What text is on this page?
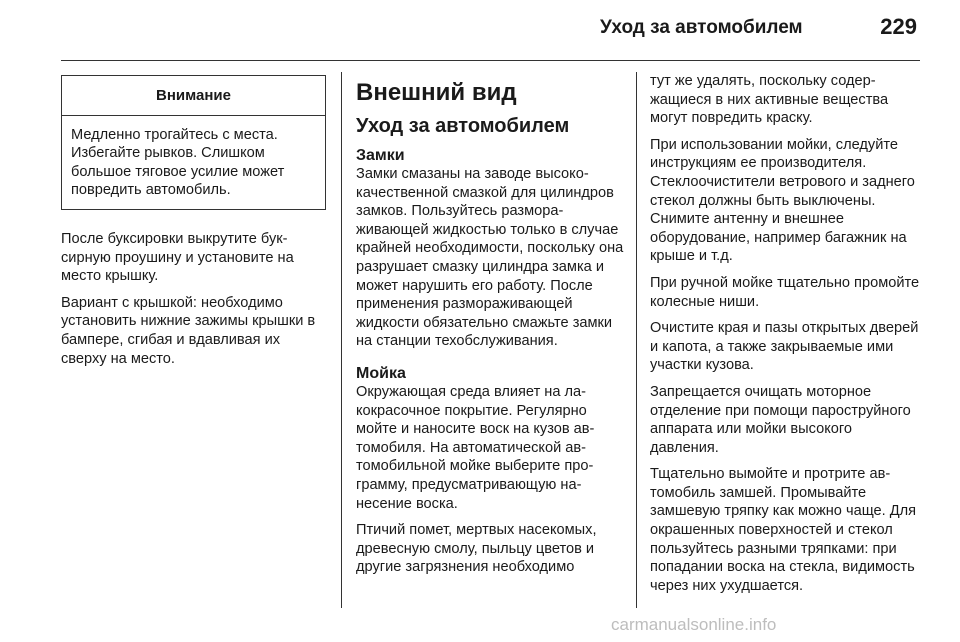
Уход за автомобилем	229
Внимание
Медленно трогайтесь с места. Избегайте рывков. Слишком большое тяговое усилие может повредить автомобиль.

После буксировки выкрутите буксирную проушину и установите на место крышку.

Вариант с крышкой: необходимо установить нижние зажимы крышки в бампере, сгибая и вдавливая их сверху на место.

Внешний вид
Уход за автомобилем
Замки

Замки смазаны на заводе высококачественной смазкой для цилиндров замков. Пользуйтесь размораживающей жидкостью только в случае крайней необходимости, поскольку она разрушает смазку цилиндра замка и может нарушить его работу. После применения размораживающей жидкости обязательно смажьте замки на станции техобслуживания.

Мойка

Окружающая среда влияет на лакокрасочное покрытие. Регулярно мойте и наносите воск на кузов автомобиля. На автоматической автомобильной мойке выберите программу, предусматривающую нанесение воска.

Птичий помет, мертвых насекомых, древесную смолу, пыльцу цветов и другие загрязнения необходимо

тут же удалять, поскольку содержащиеся в них активные вещества могут повредить краску.

При использовании мойки, следуйте инструкциям ее производителя. Стеклоочистители ветрового и заднего стекол должны быть выключены. Снимите антенну и внешнее оборудование, например багажник на крыше и т.д.

При ручной мойке тщательно промойте колесные ниши.

Очистите края и пазы открытых дверей и капота, а также закрываемые ими участки кузова.

Запрещается очищать моторное отделение при помощи пароструйного аппарата или мойки высокого давления.

Тщательно вымойте и протрите автомобиль замшей. Промывайте замшевую тряпку как можно чаще. Для окрашенных поверхностей и стекол пользуйтесь разными тряпками: при попадании воска на стекла, видимость через них ухудшается.

carmanualsonline.info
